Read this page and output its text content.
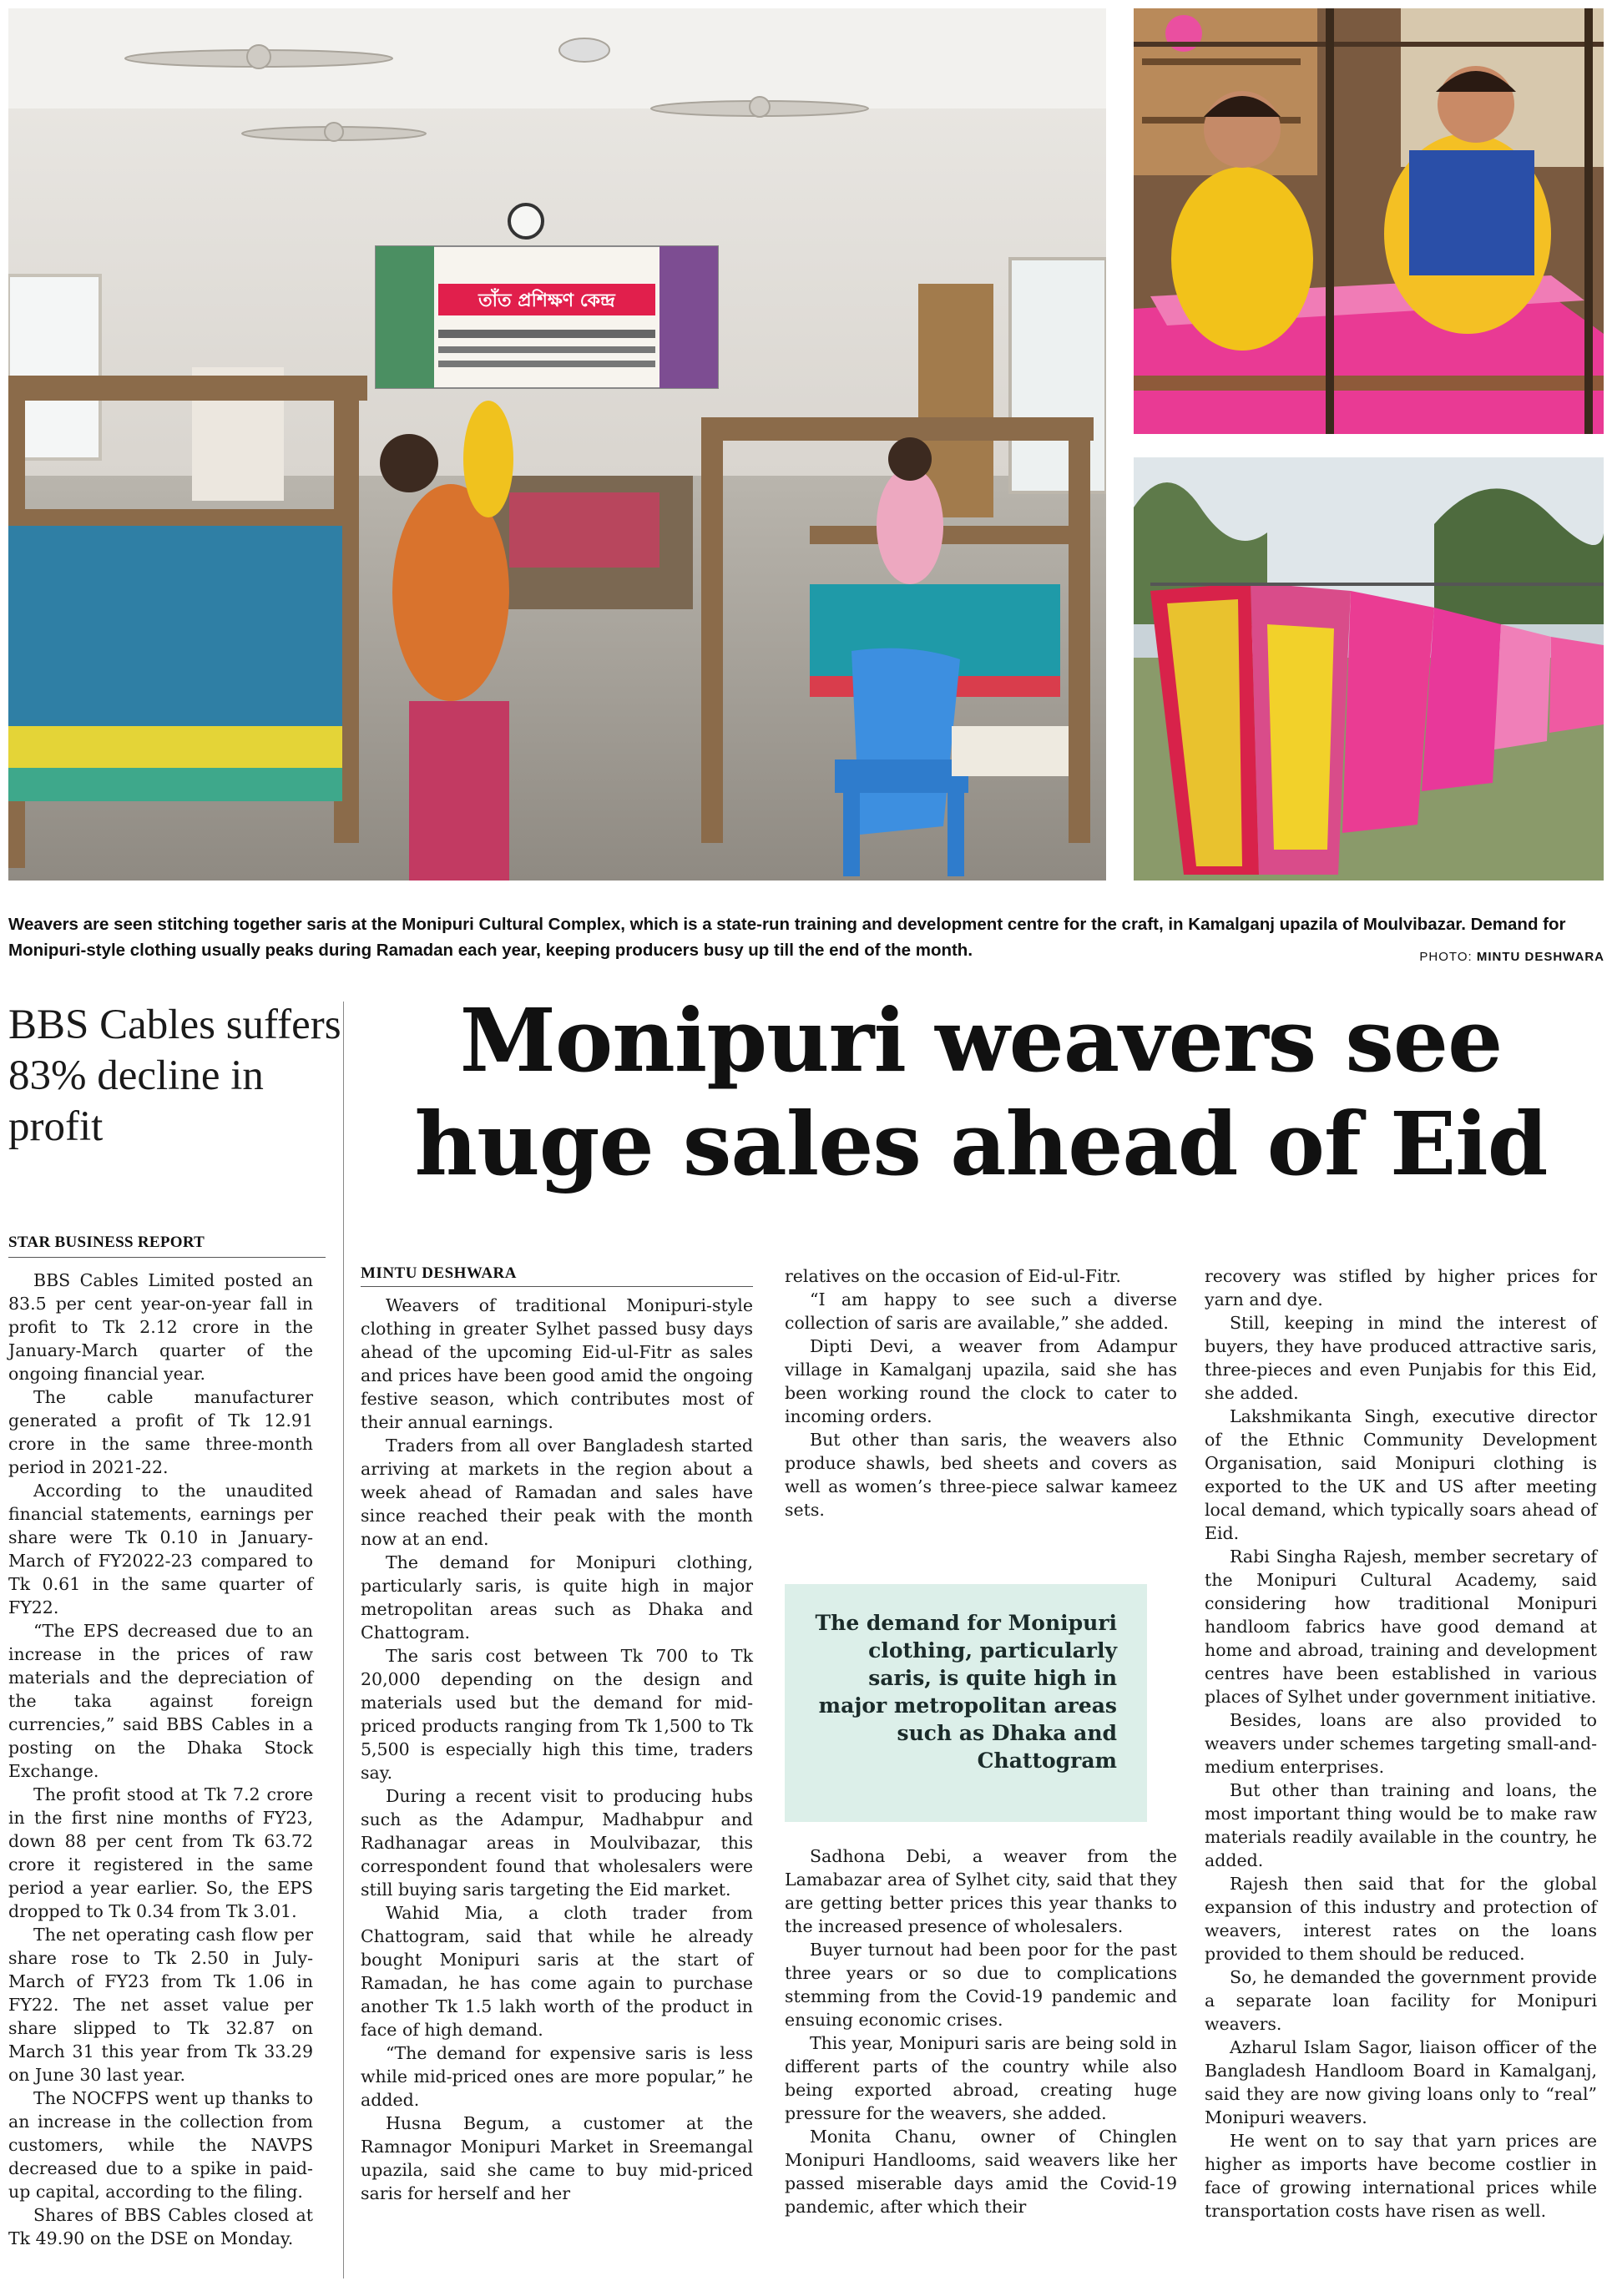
তাঁত প্রশিক্ষণ কেন্দ্র
Weavers are seen stitching together saris at the Monipuri Cultural Complex, which is a state-run training and development centre for the craft, in Kamalganj upazila of Moulvibazar. Demand for Monipuri-style clothing usually peaks during Ramadan each year, keeping producers busy up till the end of the month.	PHOTO: MINTU DESHWARA
BBS Cables suffers 83% decline in profit
STAR BUSINESS REPORT

BBS Cables Limited posted an 83.5 per cent year-on-year fall in profit to Tk 2.12 crore in the January-March quarter of the ongoing financial year.

The cable manufacturer generated a profit of Tk 12.91 crore in the same three-month period in 2021-22.

According to the unaudited financial statements, earnings per share were Tk 0.10 in January-March of FY2022-23 compared to Tk 0.61 in the same quarter of FY22.

“The EPS decreased due to an increase in the prices of raw materials and the depreciation of the taka against foreign currencies,” said BBS Cables in a posting on the Dhaka Stock Exchange.

The profit stood at Tk 7.2 crore in the first nine months of FY23, down 88 per cent from Tk 63.72 crore it registered in the same period a year earlier. So, the EPS dropped to Tk 0.34 from Tk 3.01.

The net operating cash flow per share rose to Tk 2.50 in July-March of FY23 from Tk 1.06 in FY22. The net asset value per share slipped to Tk 32.87 on March 31 this year from Tk 33.29 on June 30 last year.

The NOCFPS went up thanks to an increase in the collection from customers, while the NAVPS decreased due to a spike in paid-up capital, according to the filing.

Shares of BBS Cables closed at Tk 49.90 on the DSE on Monday.

Monipuri weavers see huge sales ahead of Eid
MINTU DESHWARA

Weavers of traditional Monipuri-style clothing in greater Sylhet passed busy days ahead of the upcoming Eid-ul-Fitr as sales and prices have been good amid the ongoing festive season, which contributes most of their annual earnings.

Traders from all over Bangladesh started arriving at markets in the region about a week ahead of Ramadan and sales have since reached their peak with the month now at an end.

The demand for Monipuri clothing, particularly saris, is quite high in major metropolitan areas such as Dhaka and Chattogram.

The saris cost between Tk 700 to Tk 20,000 depending on the design and materials used but the demand for mid-priced products ranging from Tk 1,500 to Tk 5,500 is especially high this time, traders say.

During a recent visit to producing hubs such as the Adampur, Madhabpur and Radhanagar areas in Moulvibazar, this correspondent found that wholesalers were still buying saris targeting the Eid market.

Wahid Mia, a cloth trader from Chattogram, said that while he already bought Monipuri saris at the start of Ramadan, he has come again to purchase another Tk 1.5 lakh worth of the product in face of high demand.

“The demand for expensive saris is less while mid-priced ones are more popular,” he added.

Husna Begum, a customer at the Ramnagor Monipuri Market in Sreemangal upazila, said she came to buy mid-priced saris for herself and her

relatives on the occasion of Eid-ul-Fitr.

“I am happy to see such a diverse collection of saris are available,” she added.

Dipti Devi, a weaver from Adampur village in Kamalganj upazila, said she has been working round the clock to cater to incoming orders.

But other than saris, the weavers also produce shawls, bed sheets and covers as well as women’s three-piece salwar kameez sets.

The demand for Monipuri clothing, particularly saris, is quite high in major metropolitan areas such as Dhaka and Chattogram

Sadhona Debi, a weaver from the Lamabazar area of Sylhet city, said that they are getting better prices this year thanks to the increased presence of wholesalers.

Buyer turnout had been poor for the past three years or so due to complications stemming from the Covid-19 pandemic and ensuing economic crises.

This year, Monipuri saris are being sold in different parts of the country while also being exported abroad, creating huge pressure for the weavers, she added.

Monita Chanu, owner of Chinglen Monipuri Handlooms, said weavers like her passed miserable days amid the Covid-19 pandemic, after which their

recovery was stifled by higher prices for yarn and dye.

Still, keeping in mind the interest of buyers, they have produced attractive saris, three-pieces and even Punjabis for this Eid, she added.

Lakshmikanta Singh, executive director of the Ethnic Community Development Organisation, said Monipuri clothing is exported to the UK and US after meeting local demand, which typically soars ahead of Eid.

Rabi Singha Rajesh, member secretary of the Monipuri Cultural Academy, said considering how traditional Monipuri handloom fabrics have good demand at home and abroad, training and development centres have been established in various places of Sylhet under government initiative.

Besides, loans are also provided to weavers under schemes targeting small-and-medium enterprises.

But other than training and loans, the most important thing would be to make raw materials readily available in the country, he added.

Rajesh then said that for the global expansion of this industry and protection of weavers, interest rates on the loans provided to them should be reduced.

So, he demanded the government provide a separate loan facility for Monipuri weavers.

Azharul Islam Sagor, liaison officer of the Bangladesh Handloom Board in Kamalganj, said they are now giving loans only to “real” Monipuri weavers.

He went on to say that yarn prices are higher as imports have become costlier in face of growing international prices while transportation costs have risen as well.
